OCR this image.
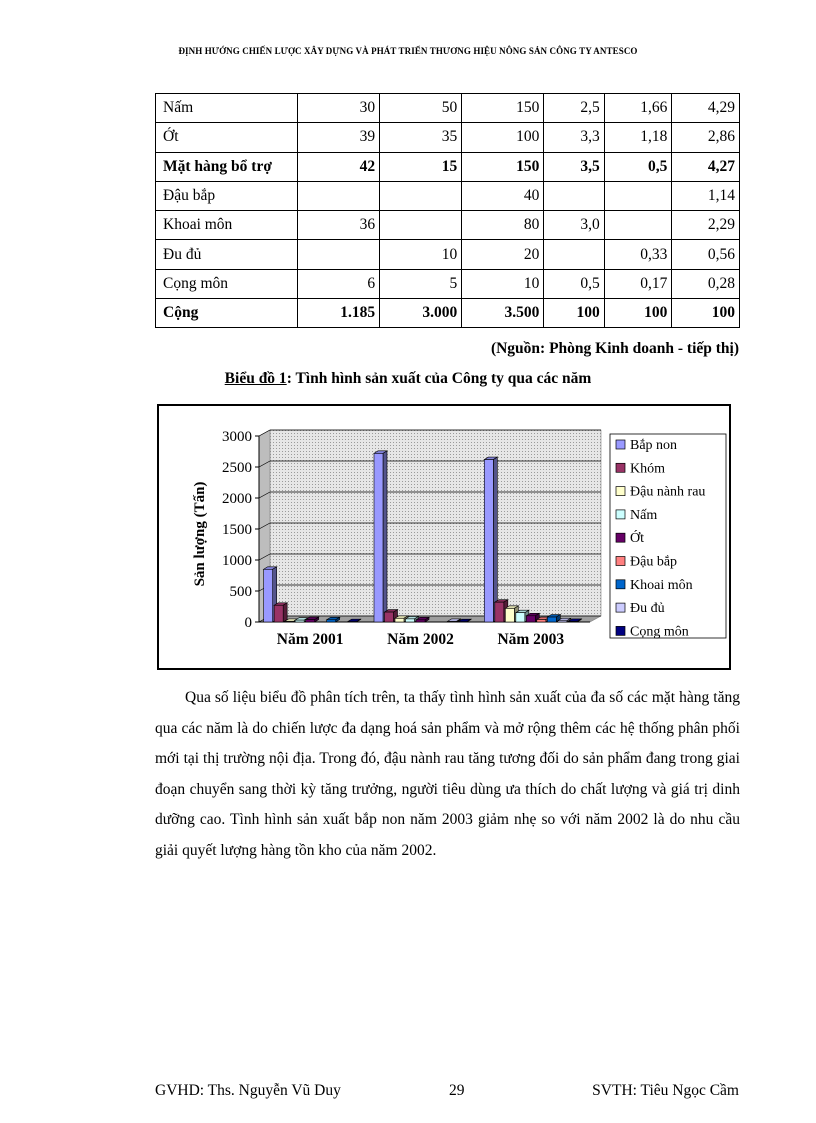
ĐỊNH HƯỚNG CHIẾN LƯỢC XÂY DỰNG VÀ PHÁT TRIỂN THƯƠNG HIỆU NÔNG SẢN CÔNG TY ANTESCO
Nấm	30	50	150	2,5	1,66	4,29
Ớt	39	35	100	3,3	1,18	2,86
Mặt hàng bổ trợ	42	15	150	3,5	0,5	4,27
Đậu bắp			40			1,14
Khoai môn	36		80	3,0		2,29
Đu đủ		10	20		0,33	0,56
Cọng môn	6	5	10	0,5	0,17	0,28
Cộng	1.185	3.000	3.500	100	100	100
(Nguồn: Phòng Kinh doanh - tiếp thị)
Biểu đồ 1: Tình hình sản xuất của Công ty qua các năm
0
500
1000
1500
2000
2500
3000
Sản lượng (Tấn)
Năm 2001	Năm 2002	Năm 2003
Bắp non
Khóm
Đậu nành rau
Nấm
Ớt
Đậu bắp
Khoai môn
Đu đủ
Cọng môn

Qua số liệu biểu đồ phân tích trên, ta thấy tình hình sản xuất của đa số các mặt hàng tăng qua các năm là do chiến lược đa dạng hoá sản phẩm và mở rộng thêm các hệ thống phân phối mới tại thị trường nội địa. Trong đó, đậu nành rau tăng tương đối do sản phẩm đang trong giai đoạn chuyển sang thời kỳ tăng trưởng, người tiêu dùng ưa thích do chất lượng và giá trị dinh dưỡng cao. Tình hình sản xuất bắp non năm 2003 giảm nhẹ so với năm 2002 là do nhu cầu giải quyết lượng hàng tồn kho của năm 2002.

GVHD: Ths. Nguyễn Vũ Duy	29	SVTH: Tiêu Ngọc Cầm
